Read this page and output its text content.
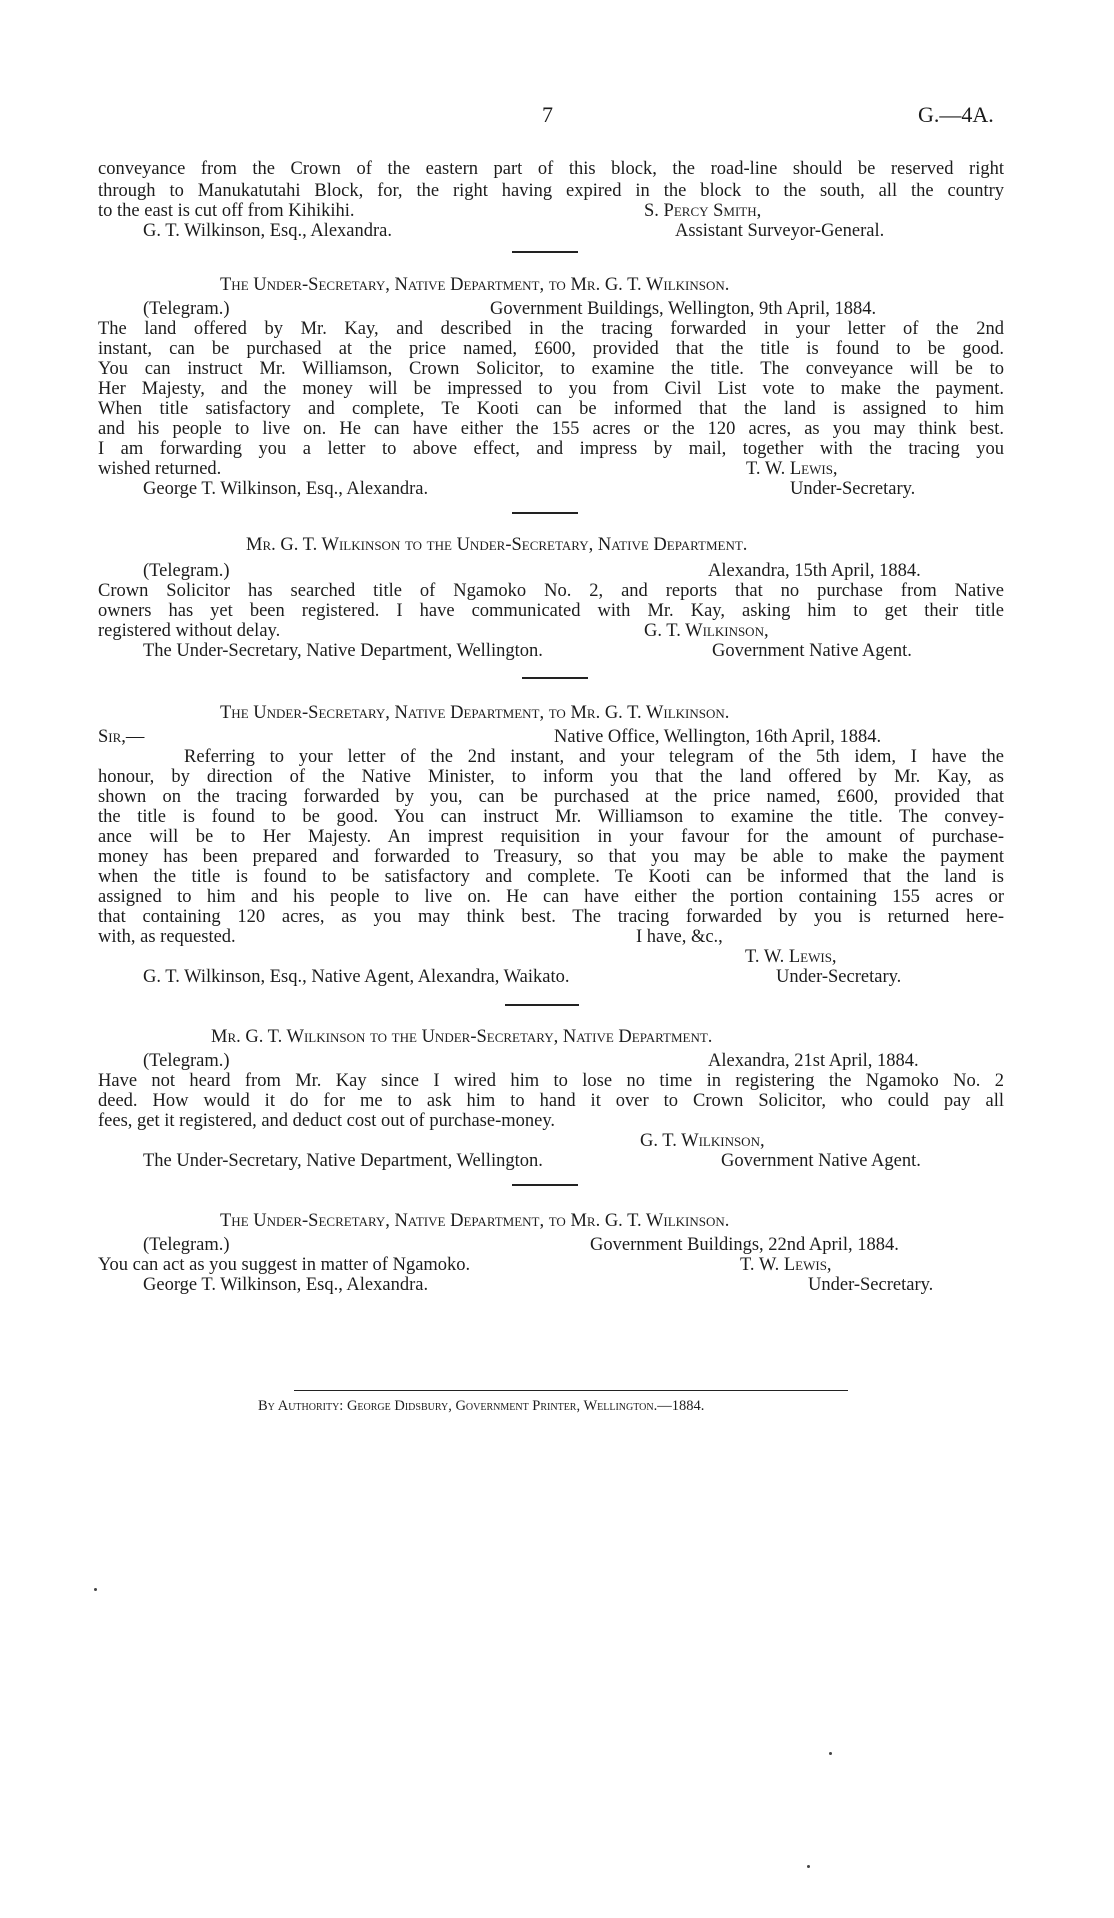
7	G.—4A.
conveyance from the Crown of the eastern part of this block, the road-line should be reserved right
through to Manukatutahi Block, for, the right having expired in the block to the south, all the country
to the east is cut off from Kihikihi.	S. Percy Smith,
G. T. Wilkinson, Esq., Alexandra.	Assistant Surveyor-General.
The Under-Secretary, Native Department, to Mr. G. T. Wilkinson.
(Telegram.)	Government Buildings, Wellington, 9th April, 1884.
The land offered by Mr. Kay, and described in the tracing forwarded in your letter of the 2nd
instant, can be purchased at the price named, £600, provided that the title is found to be good.
You can instruct Mr. Williamson, Crown Solicitor, to examine the title. The conveyance will be to
Her Majesty, and the money will be impressed to you from Civil List vote to make the payment.
When title satisfactory and complete, Te Kooti can be informed that the land is assigned to him
and his people to live on. He can have either the 155 acres or the 120 acres, as you may think best.
I am forwarding you a letter to above effect, and impress by mail, together with the tracing you
wished returned.	T. W. Lewis,
George T. Wilkinson, Esq., Alexandra.	Under-Secretary.
Mr. G. T. Wilkinson to the Under-Secretary, Native Department.
(Telegram.)	Alexandra, 15th April, 1884.
Crown Solicitor has searched title of Ngamoko No. 2, and reports that no purchase from Native
owners has yet been registered. I have communicated with Mr. Kay, asking him to get their title
registered without delay.	G. T. Wilkinson,
The Under-Secretary, Native Department, Wellington.	Government Native Agent.
The Under-Secretary, Native Department, to Mr. G. T. Wilkinson.
Sir,—	Native Office, Wellington, 16th April, 1884.
Referring to your letter of the 2nd instant, and your telegram of the 5th idem, I have the
honour, by direction of the Native Minister, to inform you that the land offered by Mr. Kay, as
shown on the tracing forwarded by you, can be purchased at the price named, £600, provided that
the title is found to be good. You can instruct Mr. Williamson to examine the title. The convey-
ance will be to Her Majesty. An imprest requisition in your favour for the amount of purchase-
money has been prepared and forwarded to Treasury, so that you may be able to make the payment
when the title is found to be satisfactory and complete. Te Kooti can be informed that the land is
assigned to him and his people to live on. He can have either the portion containing 155 acres or
that containing 120 acres, as you may think best. The tracing forwarded by you is returned here-
with, as requested.	I have, &c.,
T. W. Lewis,
G. T. Wilkinson, Esq., Native Agent, Alexandra, Waikato.	Under-Secretary.
Mr. G. T. Wilkinson to the Under-Secretary, Native Department.
(Telegram.)	Alexandra, 21st April, 1884.
Have not heard from Mr. Kay since I wired him to lose no time in registering the Ngamoko No. 2
deed. How would it do for me to ask him to hand it over to Crown Solicitor, who could pay all
fees, get it registered, and deduct cost out of purchase-money.
G. T. Wilkinson,
The Under-Secretary, Native Department, Wellington.	Government Native Agent.
The Under-Secretary, Native Department, to Mr. G. T. Wilkinson.
(Telegram.)	Government Buildings, 22nd April, 1884.
You can act as you suggest in matter of Ngamoko.	T. W. Lewis,
George T. Wilkinson, Esq., Alexandra.	Under-Secretary.
By Authority: George Didsbury, Government Printer, Wellington.—1884.
